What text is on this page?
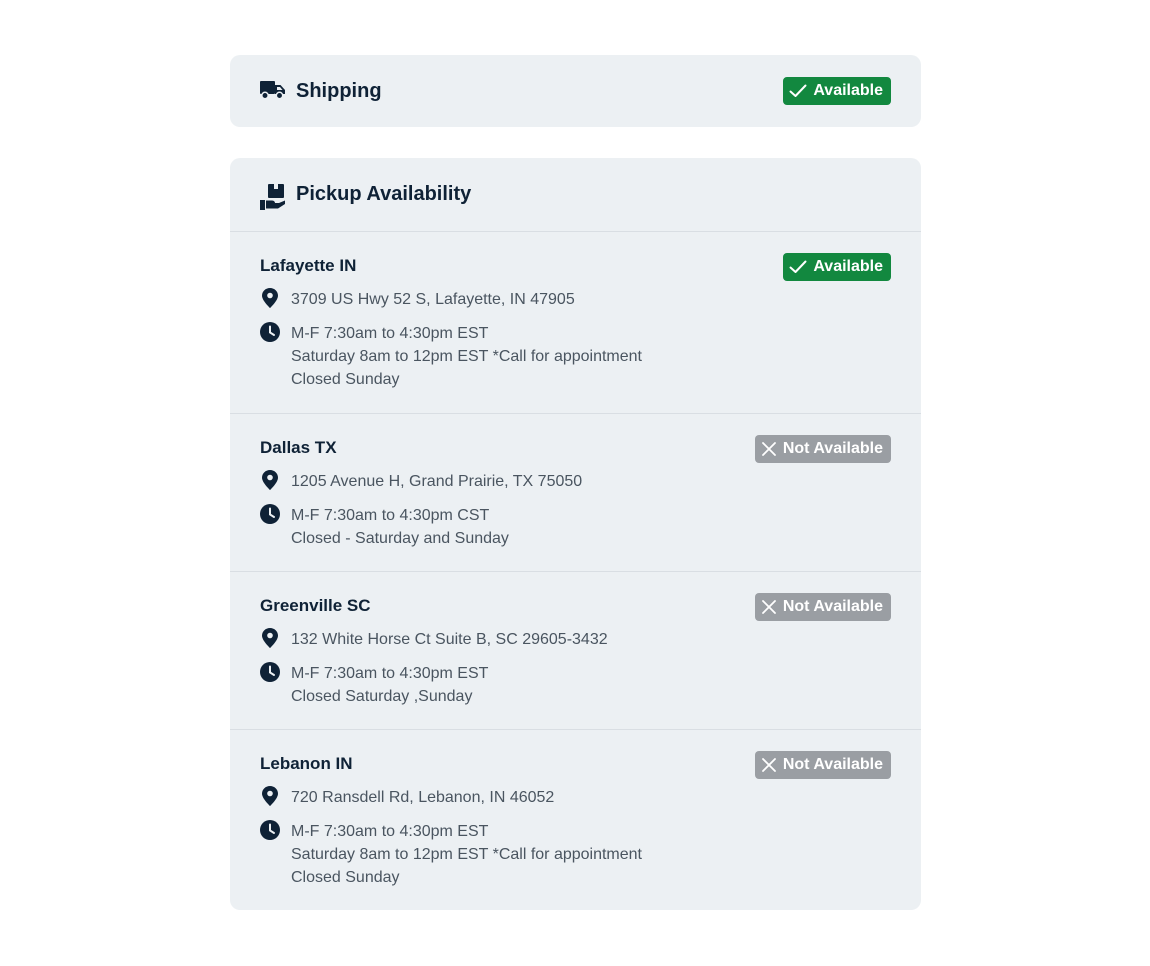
Shipping	Available
Pickup Availability
Lafayette IN	Available
3709 US Hwy 52 S, Lafayette, IN 47905
M-F 7:30am to 4:30pm EST
Saturday 8am to 12pm EST *Call for appointment
Closed Sunday
Dallas TX	Not Available
1205 Avenue H, Grand Prairie, TX 75050
M-F 7:30am to 4:30pm CST
Closed - Saturday and Sunday
Greenville SC	Not Available
132 White Horse Ct Suite B, SC 29605-3432
M-F 7:30am to 4:30pm EST
Closed Saturday ,Sunday
Lebanon IN	Not Available
720 Ransdell Rd, Lebanon, IN 46052
M-F 7:30am to 4:30pm EST
Saturday 8am to 12pm EST *Call for appointment
Closed Sunday
